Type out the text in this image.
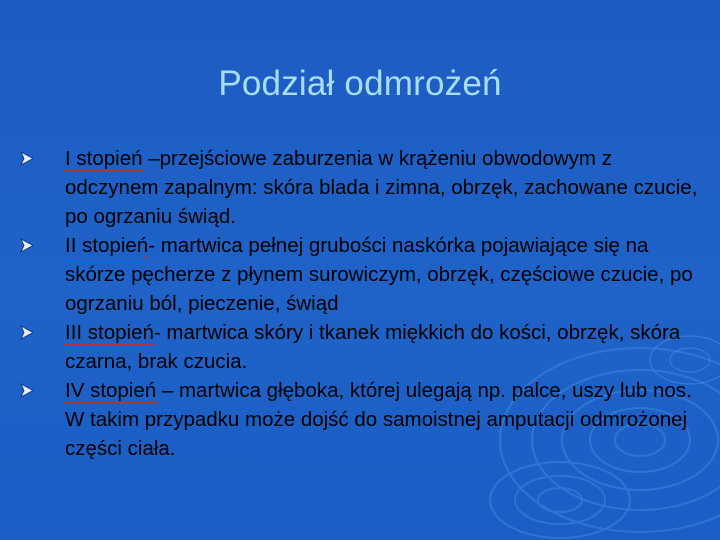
Podział odmrożeń
I stopień –przejściowe zaburzenia w krążeniu obwodowym z odczynem zapalnym: skóra blada i zimna, obrzęk, zachowane czucie, po ogrzaniu świąd.
II stopień- martwica pełnej grubości naskórka pojawiające się na skórze pęcherze z płynem surowiczym, obrzęk, częściowe czucie, po ogrzaniu ból, pieczenie, świąd
III stopień- martwica skóry i tkanek miękkich do kości, obrzęk, skóra czarna, brak czucia.
IV stopień – martwica głęboka, której ulegają np. palce, uszy lub nos. W takim przypadku może dojść do samoistnej amputacji odmrożonej części ciała.
